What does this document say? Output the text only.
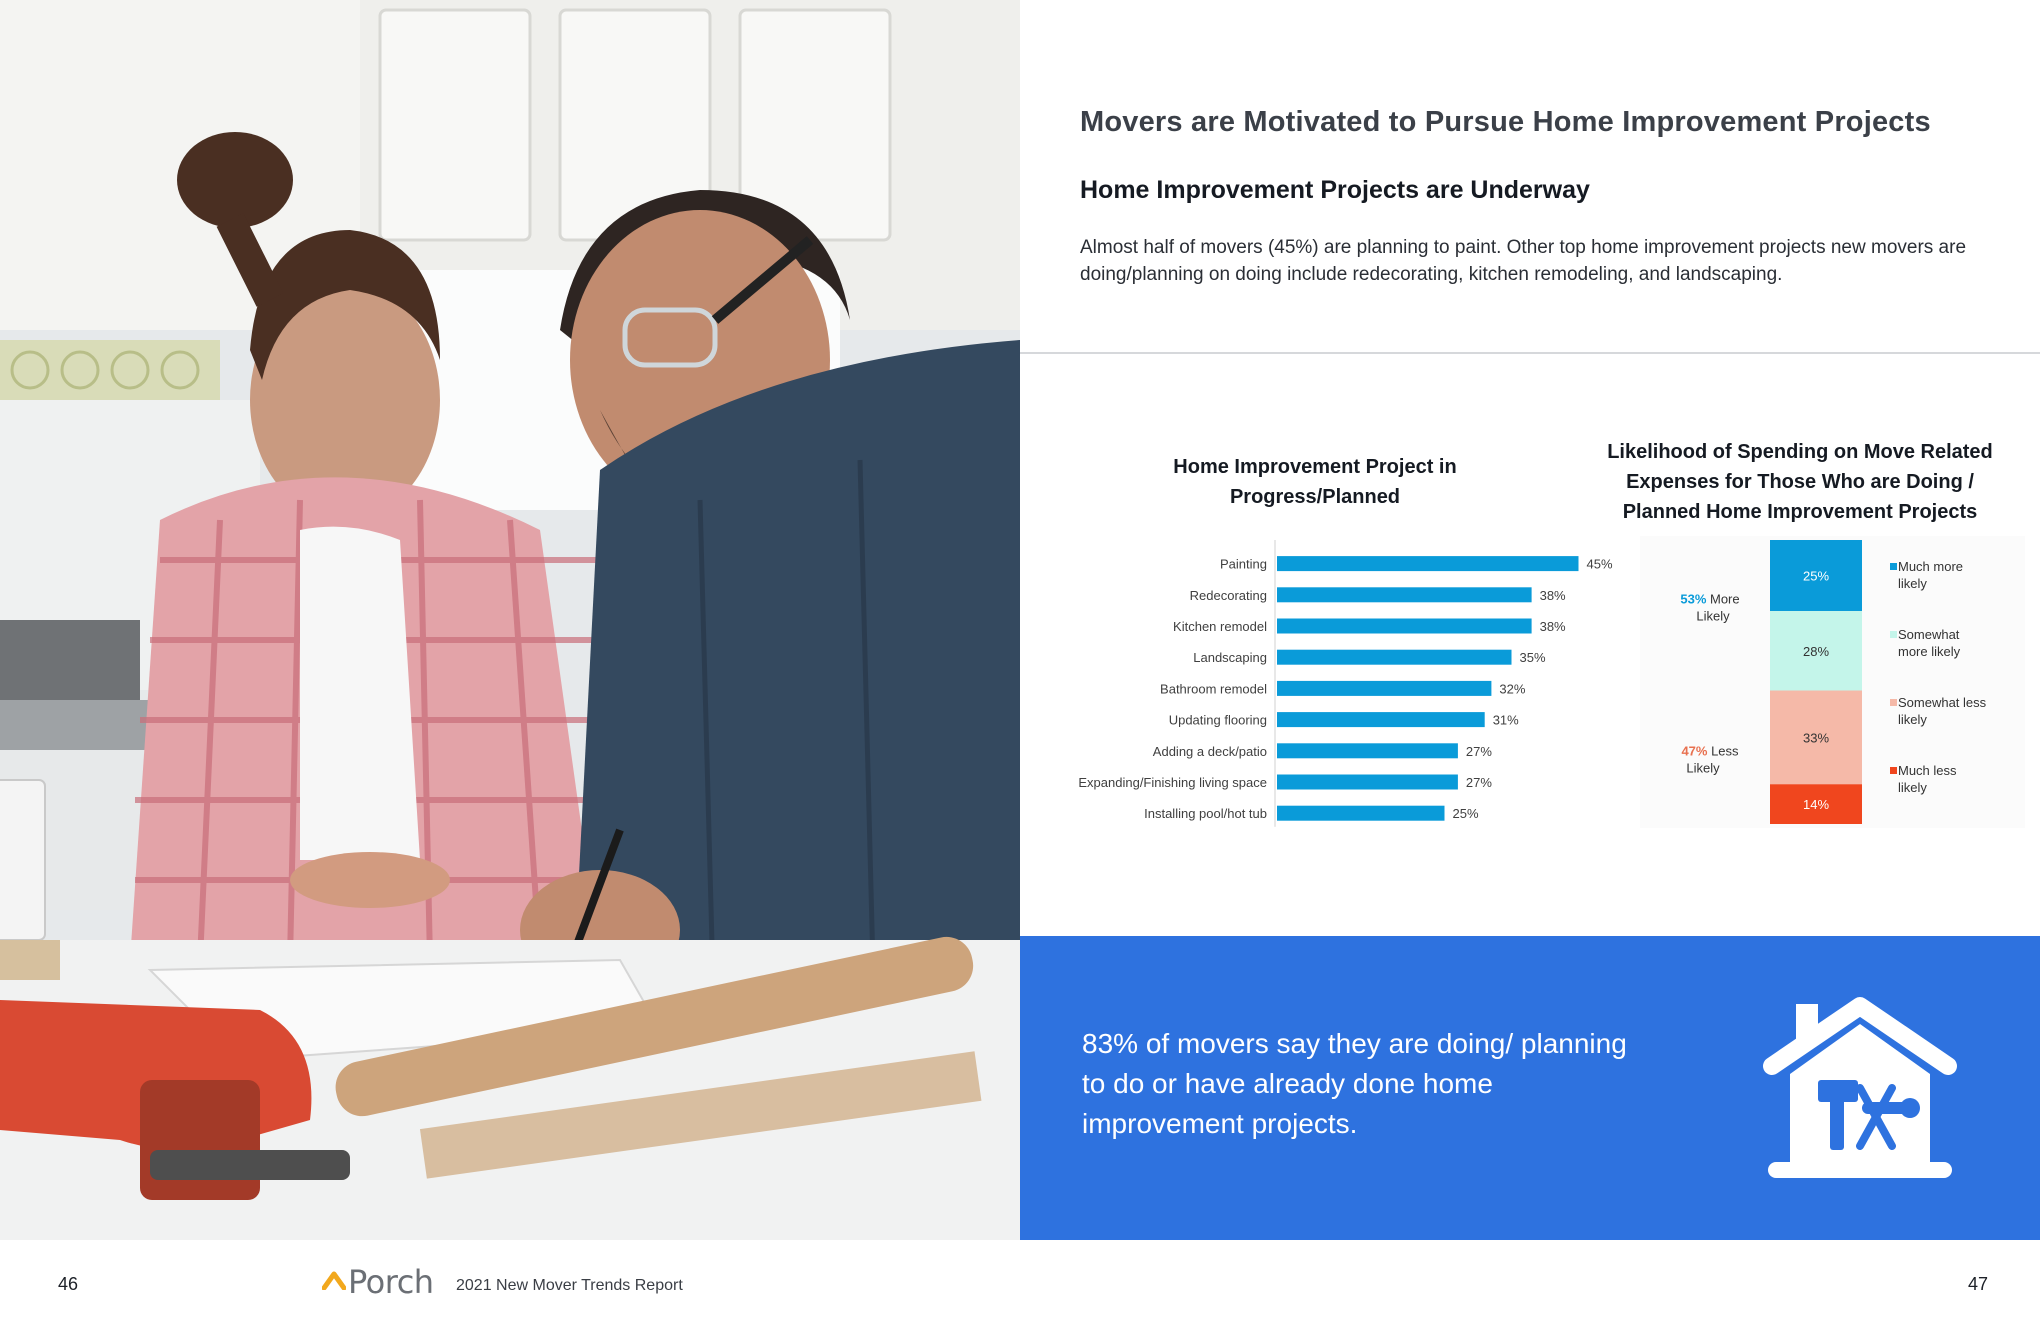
Movers are Motivated to Pursue Home Improvement Projects
Home Improvement Projects are Underway

Almost half of movers (45%) are planning to paint. Other top home improvement projects new movers are doing/planning on doing include redecorating, kitchen remodeling, and landscaping.

Home Improvement Project in Progress/Planned
Painting	45%
Redecorating	38%
Kitchen remodel	38%
Landscaping	35%
Bathroom remodel	32%
Updating flooring	31%
Adding a deck/patio	27%
Expanding/Finishing living space	27%
Installing pool/hot tub	25%
Likelihood of Spending on Move Related Expenses for Those Who are Doing / Planned Home Improvement Projects
25%
28%
33%
14%
53% More
Likely
47% Less
Likely
Much more
likely
Somewhat
more likely
Somewhat less
likely
Much less
likely

83% of movers say they are doing/ planning to do or have already done home improvement projects.

46	Porch 2021 New Mover Trends Report	47
